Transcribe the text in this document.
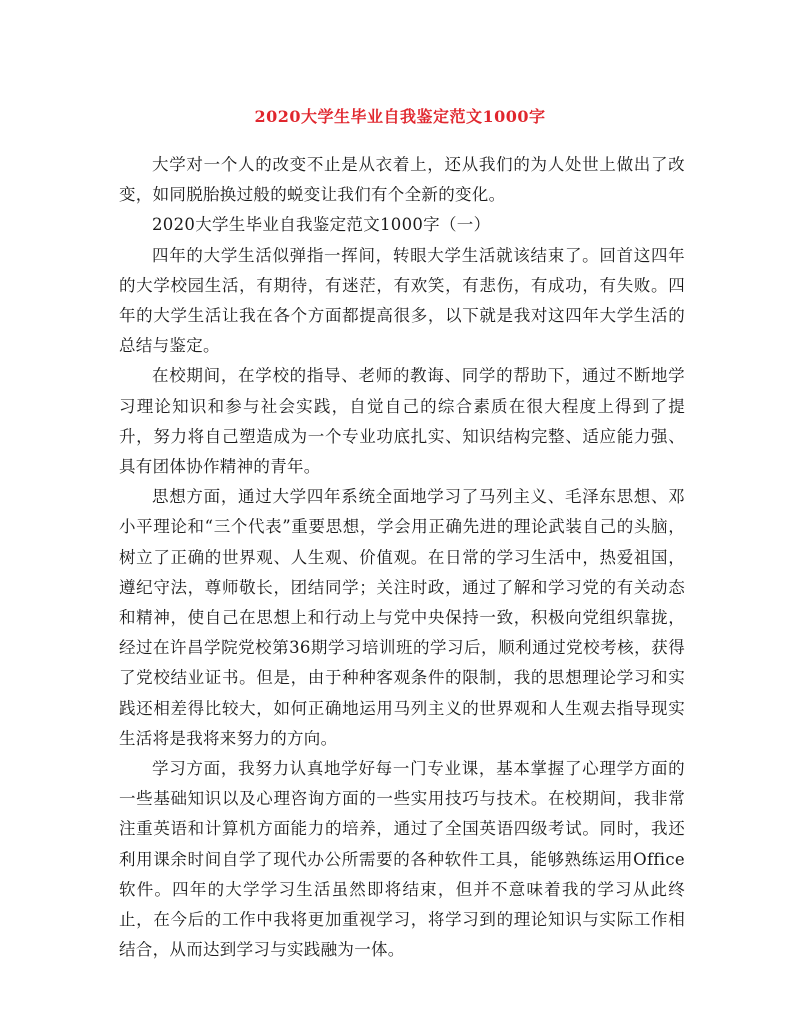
2020大学生毕业自我鉴定范文1000字

大学对一个人的改变不止是从衣着上，还从我们的为人处世上做出了改变，如同脱胎换过般的蜕变让我们有个全新的变化。

2020大学生毕业自我鉴定范文1000字（一）

四年的大学生活似弹指一挥间，转眼大学生活就该结束了。回首这四年的大学校园生活，有期待，有迷茫，有欢笑，有悲伤，有成功，有失败。四年的大学生活让我在各个方面都提高很多，以下就是我对这四年大学生活的总结与鉴定。

在校期间，在学校的指导、老师的教诲、同学的帮助下，通过不断地学习理论知识和参与社会实践，自觉自己的综合素质在很大程度上得到了提升，努力将自己塑造成为一个专业功底扎实、知识结构完整、适应能力强、具有团体协作精神的青年。

思想方面，通过大学四年系统全面地学习了马列主义、毛泽东思想、邓小平理论和“三个代表”重要思想，学会用正确先进的理论武装自己的头脑，树立了正确的世界观、人生观、价值观。在日常的学习生活中，热爱祖国，遵纪守法，尊师敬长，团结同学；关注时政，通过了解和学习党的有关动态和精神，使自己在思想上和行动上与党中央保持一致，积极向党组织靠拢，经过在许昌学院党校第36期学习培训班的学习后，顺利通过党校考核，获得了党校结业证书。但是，由于种种客观条件的限制，我的思想理论学习和实践还相差得比较大，如何正确地运用马列主义的世界观和人生观去指导现实生活将是我将来努力的方向。

学习方面，我努力认真地学好每一门专业课，基本掌握了心理学方面的一些基础知识以及心理咨询方面的一些实用技巧与技术。在校期间，我非常注重英语和计算机方面能力的培养，通过了全国英语四级考试。同时，我还利用课余时间自学了现代办公所需要的各种软件工具，能够熟练运用Office软件。四年的大学学习生活虽然即将结束，但并不意味着我的学习从此终止，在今后的工作中我将更加重视学习，将学习到的理论知识与实际工作相结合，从而达到学习与实践融为一体。
